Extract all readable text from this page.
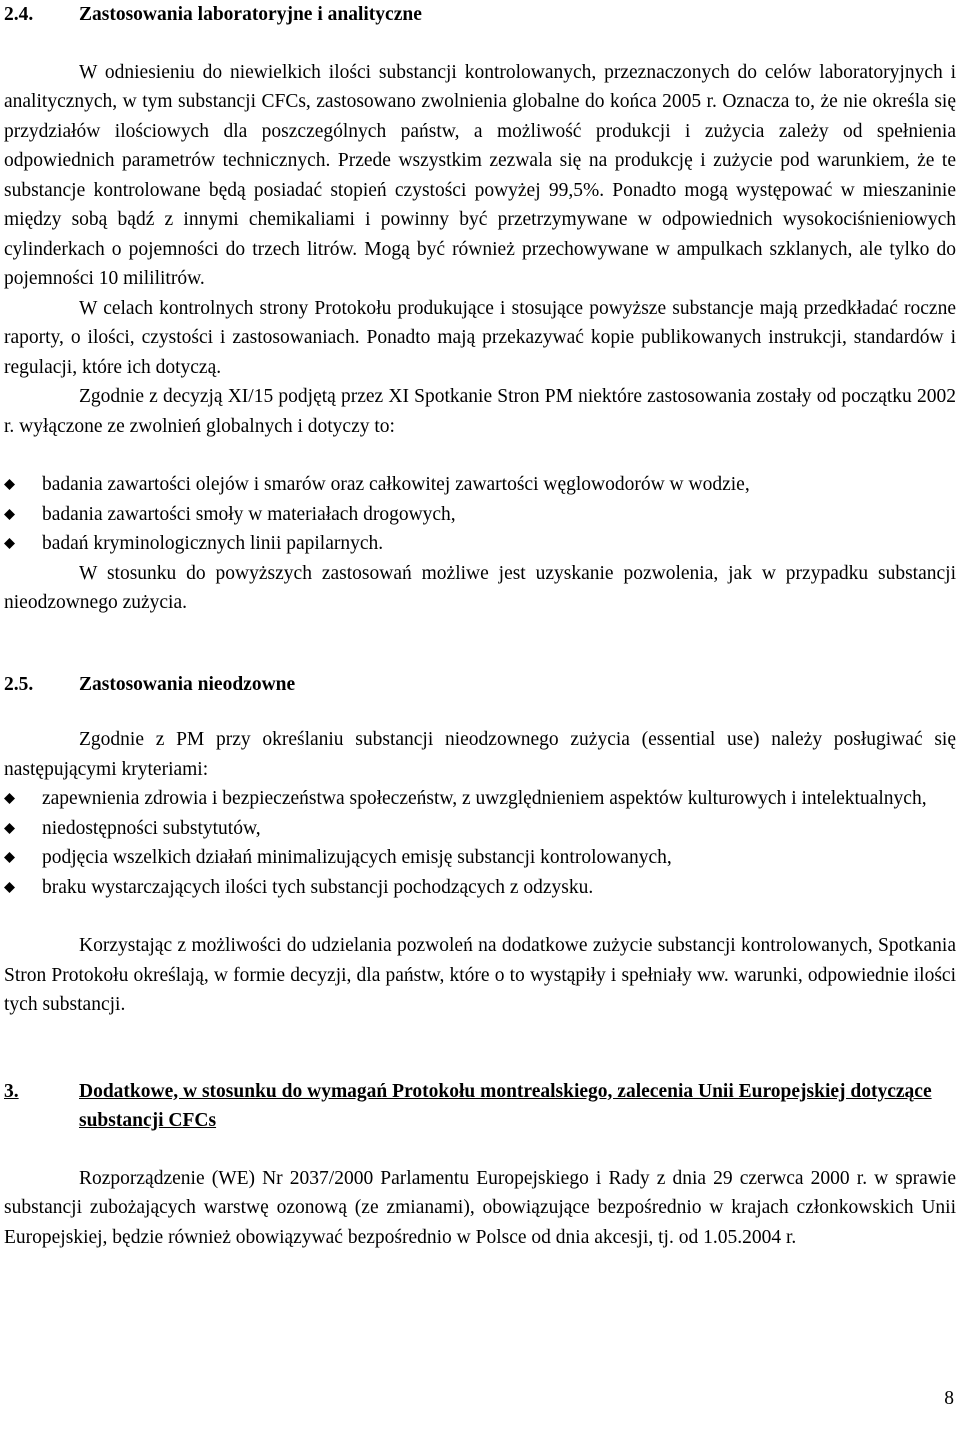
2.4.	Zastosowania laboratoryjne i analityczne

W odniesieniu do niewielkich ilości substancji kontrolowanych, przeznaczonych do celów laboratoryjnych i analitycznych, w tym substancji CFCs, zastosowano zwolnienia globalne do końca 2005 r. Oznacza to, że nie określa się przydziałów ilościowych dla poszczególnych państw, a możliwość produkcji i zużycia zależy od spełnienia odpowiednich parametrów technicznych. Przede wszystkim zezwala się na produkcję i zużycie pod warunkiem, że te substancje kontrolowane będą posiadać stopień czystości powyżej 99,5%. Ponadto mogą występować w mieszaninie między sobą bądź z innymi chemikaliami i powinny być przetrzymywane w odpowiednich wysokociśnieniowych cylinderkach o pojemności do trzech litrów. Mogą być również przechowywane w ampulkach szklanych, ale tylko do pojemności 10 mililitrów.

W celach kontrolnych strony Protokołu produkujące i stosujące powyższe substancje mają przedkładać roczne raporty, o ilości, czystości i zastosowaniach. Ponadto mają przekazywać kopie publikowanych instrukcji, standardów i regulacji, które ich dotyczą.

Zgodnie z decyzją XI/15 podjętą przez XI Spotkanie Stron PM niektóre zastosowania zostały od początku 2002 r. wyłączone ze zwolnień globalnych i dotyczy to:

badania zawartości olejów i smarów oraz całkowitej zawartości węglowodorów w wodzie,
badania zawartości smoły w materiałach drogowych,
badań kryminologicznych linii papilarnych.

W stosunku do powyższych zastosowań możliwe jest uzyskanie pozwolenia, jak w przypadku substancji nieodzownego zużycia.

2.5.	Zastosowania nieodzowne

Zgodnie z PM przy określaniu substancji nieodzownego zużycia (essential use) należy posługiwać się następującymi kryteriami:

zapewnienia zdrowia i bezpieczeństwa społeczeństw, z uwzględnieniem aspektów kulturowych i intelektualnych,
niedostępności substytutów,
podjęcia wszelkich działań minimalizujących emisję substancji kontrolowanych,
braku wystarczających ilości tych substancji pochodzących z odzysku.

Korzystając z możliwości do udzielania pozwoleń na dodatkowe zużycie substancji kontrolowanych, Spotkania Stron Protokołu określają, w formie decyzji, dla państw, które o to wystąpiły i spełniały ww. warunki, odpowiednie ilości tych substancji.

3.	Dodatkowe, w stosunku do wymagań Protokołu montrealskiego, zalecenia Unii Europejskiej dotyczące substancji CFCs

Rozporządzenie (WE) Nr 2037/2000 Parlamentu Europejskiego i Rady z dnia 29 czerwca 2000 r. w sprawie substancji zubożających warstwę ozonową (ze zmianami), obowiązujące bezpośrednio w krajach członkowskich Unii Europejskiej, będzie również obowiązywać bezpośrednio w Polsce od dnia akcesji, tj. od 1.05.2004 r.

8
